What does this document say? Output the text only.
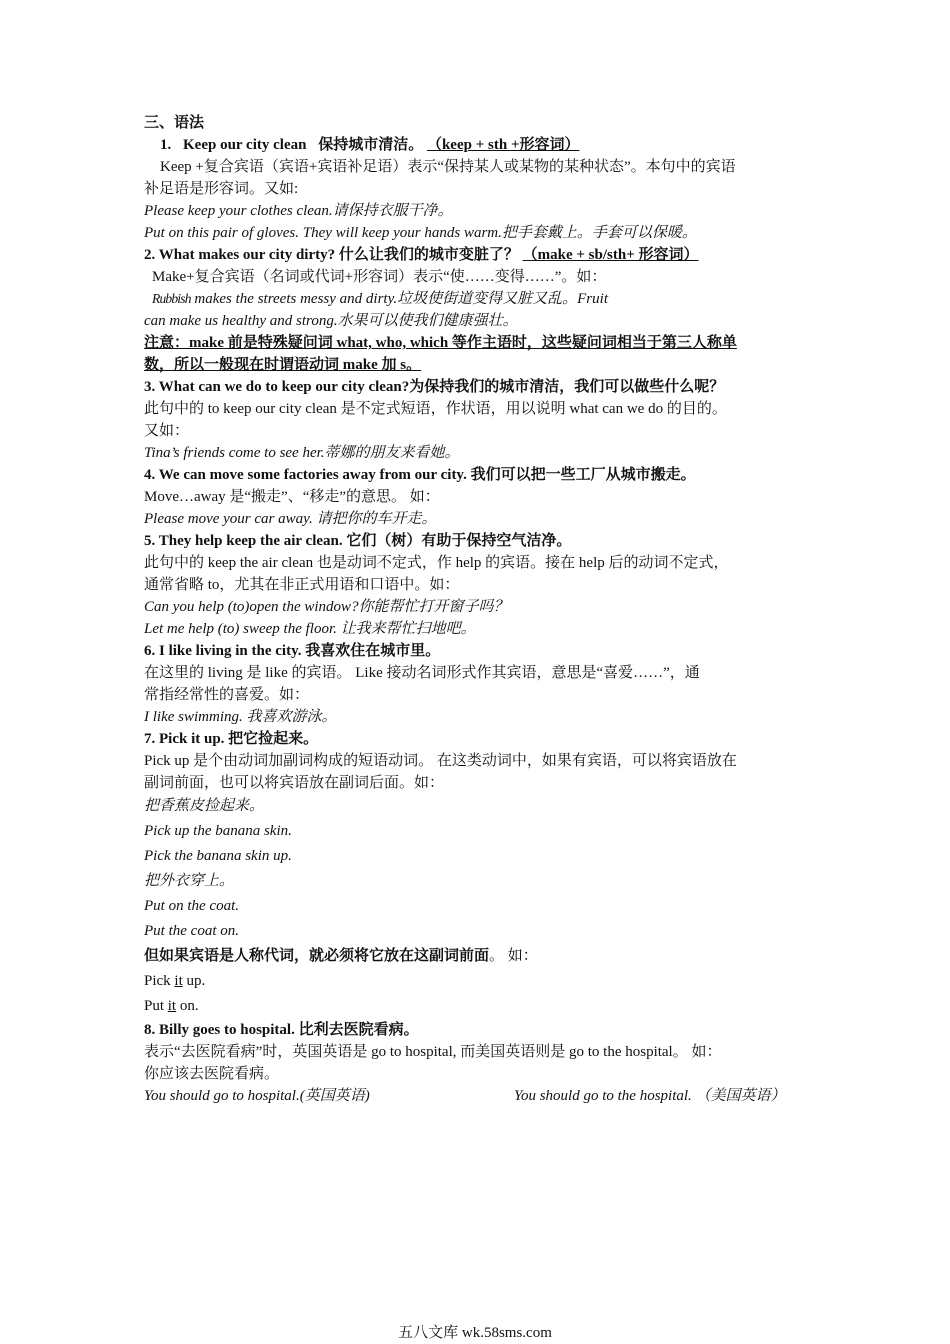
三、语法
1. Keep our city clean 保持城市清洁。 （keep + sth +形容词）
Keep +复合宾语（宾语+宾语补足语）表示“保持某人或某物的某种状态”。本句中的宾语
补足语是形容词。又如:
Please keep your clothes clean.请保持衣服干净。
Put on this pair of gloves. They will keep your hands warm.把手套戴上。手套可以保暖。
2. What makes our city dirty? 什么让我们的城市变脏了？ （make + sb/sth+ 形容词）
Make+复合宾语（名词或代词+形容词）表示“使……变得……”。如：
Rubbish makes the streets messy and dirty.垃圾使街道变得又脏又乱。Fruit
can make us healthy and strong.水果可以使我们健康强壮。
注意：make 前是特殊疑问词 what, who, which 等作主语时，这些疑问词相当于第三人称单
数，所以一般现在时谓语动词 make 加 s。
3. What can we do to keep our city clean?为保持我们的城市清洁，我们可以做些什么呢？
此句中的 to keep our city clean 是不定式短语，作状语，用以说明 what can we do 的目的。
又如：
Tina’s friends come to see her.蒂娜的朋友来看她。
4. We can move some factories away from our city. 我们可以把一些工厂从城市搬走。
Move…away 是“搬走”、“移走”的意思。 如：
Please move your car away. 请把你的车开走。
5. They help keep the air clean. 它们（树）有助于保持空气洁净。
此句中的 keep the air clean 也是动词不定式，作 help 的宾语。接在 help 后的动词不定式，
通常省略 to，尤其在非正式用语和口语中。如：
Can you help (to)open the window?你能帮忙打开窗子吗？
Let me help (to) sweep the floor. 让我来帮忙扫地吧。
6. I like living in the city. 我喜欢住在城市里。
在这里的 living 是 like 的宾语。 Like 接动名词形式作其宾语，意思是“喜爱……”，通
常指经常性的喜爱。如：
I like swimming. 我喜欢游泳。
7. Pick it up. 把它捡起来。
Pick up 是个由动词加副词构成的短语动词。 在这类动词中，如果有宾语，可以将宾语放在
副词前面，也可以将宾语放在副词后面。如：
把香蕉皮捡起来。
Pick up the banana skin.
Pick the banana skin up.
把外衣穿上。
Put on the coat.
Put the coat on.
但如果宾语是人称代词，就必须将它放在这副词前面。 如：
Pick it up.
Put it on.
8. Billy goes to hospital. 比利去医院看病。
表示“去医院看病”时，英国英语是 go to hospital, 而美国英语则是 go to the hospital。 如：
你应该去医院看病。
You should go to hospital.(英国英语)	You should go to the hospital. （美国英语）
五八文库 wk.58sms.com
